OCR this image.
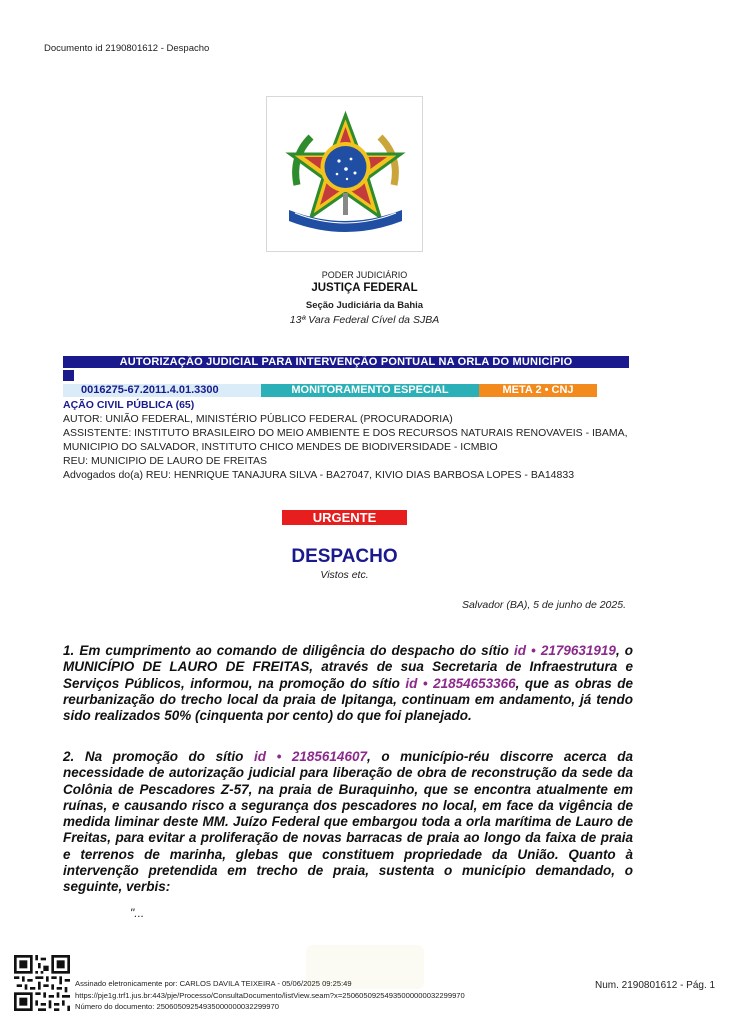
Documento id 2190801612 - Despacho
PODER JUDICIÁRIO
JUSTIÇA FEDERAL
Seção Judiciária da Bahia
13ª Vara Federal Cível da SJBA
AUTORIZAÇÃO JUDICIAL PARA INTERVENÇÃO PONTUAL NA ORLA DO MUNICÍPIO
0016275-67.2011.4.01.3300	MONITORAMENTO ESPECIAL	META 2 • CNJ
AÇÃO CIVIL PÚBLICA (65)
AUTOR: UNIÃO FEDERAL, MINISTÉRIO PÚBLICO FEDERAL (PROCURADORIA)
ASSISTENTE: INSTITUTO BRASILEIRO DO MEIO AMBIENTE E DOS RECURSOS NATURAIS RENOVAVEIS - IBAMA, MUNICIPIO DO SALVADOR, INSTITUTO CHICO MENDES DE BIODIVERSIDADE - ICMBIO
REU: MUNICIPIO DE LAURO DE FREITAS
Advogados do(a) REU: HENRIQUE TANAJURA SILVA - BA27047, KIVIO DIAS BARBOSA LOPES - BA14833
URGENTE
DESPACHO
Vistos etc.
Salvador (BA), 5 de junho de 2025.
1. Em cumprimento ao comando de diligência do despacho do sítio id • 2179631919, o MUNICÍPIO DE LAURO DE FREITAS, através de sua Secretaria de Infraestrutura e Serviços Públicos, informou, na promoção do sítio id • 21854653366, que as obras de reurbanização do trecho local da praia de Ipitanga, continuam em andamento, já tendo sido realizados 50% (cinquenta por cento) do que foi planejado.
2. Na promoção do sítio id • 2185614607, o município-réu discorre acerca da necessidade de autorização judicial para liberação de obra de reconstrução da sede da Colônia de Pescadores Z-57, na praia de Buraquinho, que se encontra atualmente em ruínas, e causando risco a segurança dos pescadores no local, em face da vigência de medida liminar deste MM. Juízo Federal que embargou toda a orla marítima de Lauro de Freitas, para evitar a proliferação de novas barracas de praia ao longo da faixa de praia e terrenos de marinha, glebas que constituem propriedade da União. Quanto à intervenção pretendida em trecho de praia, sustenta o município demandado, o seguinte, verbis:
"...
Assinado eletronicamente por: CARLOS DAVILA TEIXEIRA - 05/06/2025 09:25:49
https://pje1g.trf1.jus.br:443/pje/Processo/ConsultaDocumento/listView.seam?x=25060509254935000000032299970
Número do documento: 25060509254935000000032299970
Num. 2190801612 - Pág. 1
